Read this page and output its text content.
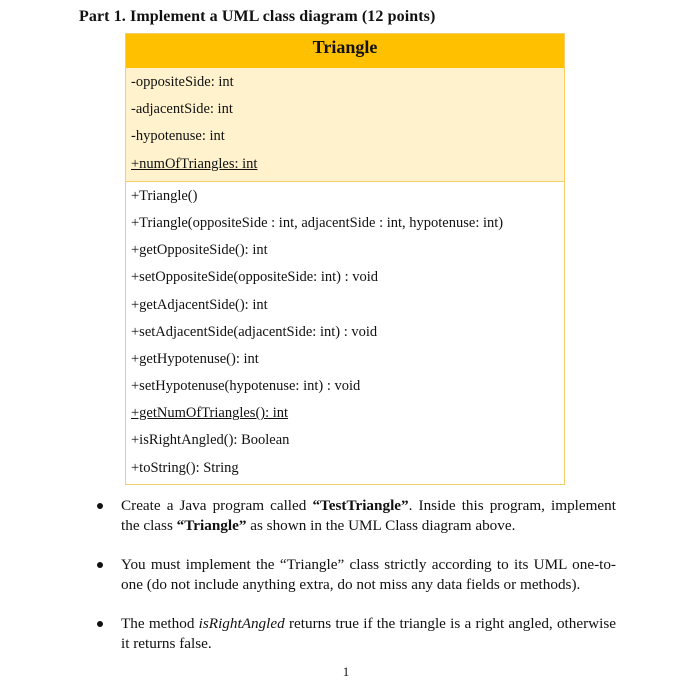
Part 1. Implement a UML class diagram (12 points)
Triangle
-oppositeSide: int
-adjacentSide: int
-hypotenuse: int
+numOfTriangles: int
+Triangle()
+Triangle(oppositeSide : int, adjacentSide : int, hypotenuse: int)
+getOppositeSide(): int
+setOppositeSide(oppositeSide: int) : void
+getAdjacentSide(): int
+setAdjacentSide(adjacentSide: int) : void
+getHypotenuse(): int
+setHypotenuse(hypotenuse: int) : void
+getNumOfTriangles(): int
+isRightAngled(): Boolean
+toString(): String
Create a Java program called “TestTriangle”. Inside this program, implement the class “Triangle” as shown in the UML Class diagram above.
You must implement the “Triangle” class strictly according to its UML one-to-one (do not include anything extra, do not miss any data fields or methods).
The method isRightAngled returns true if the triangle is a right angled, otherwise it returns false.
1
